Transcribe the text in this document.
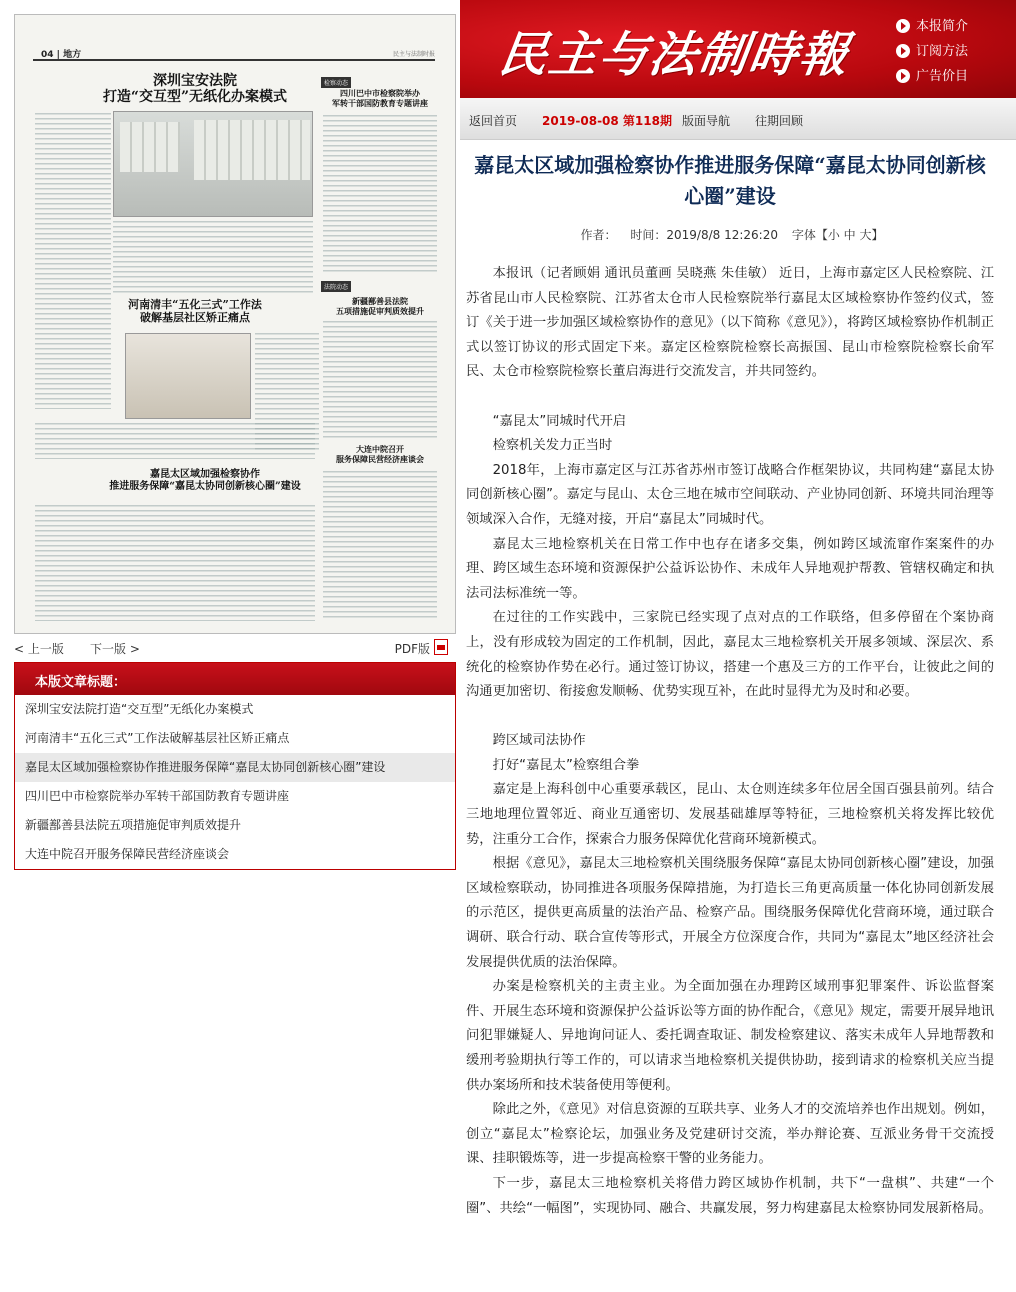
04 | 地方	民主与法制时报
深圳宝安法院
打造“交互型”无纸化办案模式
河南清丰“五化三式”工作法
破解基层社区矫正痛点
嘉昆太区域加强检察协作
推进服务保障“嘉昆太协同创新核心圈”建设
检察动态
四川巴中市检察院举办
军转干部国防教育专题讲座
法院动态
新疆鄯善县法院
五项措施促审判质效提升
大连中院召开
服务保障民营经济座谈会
< 上一版 下一版 >	PDF版
本版文章标题：
深圳宝安法院打造“交互型”无纸化办案模式
河南清丰“五化三式”工作法破解基层社区矫正痛点
嘉昆太区域加强检察协作推进服务保障“嘉昆太协同创新核心圈”建设
四川巴中市检察院举办军转干部国防教育专题讲座
新疆鄯善县法院五项措施促审判质效提升
大连中院召开服务保障民营经济座谈会
民主与法制時報
本报简介
订阅方法
广告价目
返回首页 2019-08-08 第118期 版面导航 往期回顾
嘉昆太区域加强检察协作推进服务保障“嘉昆太协同创新核心圈”建设
作者： 时间：2019/8/8 12:26:20 字体【小 中 大】

本报讯（记者顾娟 通讯员董画 吴晓燕 朱佳敏） 近日，上海市嘉定区人民检察院、江苏省昆山市人民检察院、江苏省太仓市人民检察院举行嘉昆太区域检察协作签约仪式，签订《关于进一步加强区域检察协作的意见》（以下简称《意见》），将跨区域检察协作机制正式以签订协议的形式固定下来。嘉定区检察院检察长高振国、昆山市检察院检察长俞军民、太仓市检察院检察长董启海进行交流发言，并共同签约。

“嘉昆太”同城时代开启

检察机关发力正当时

2018年，上海市嘉定区与江苏省苏州市签订战略合作框架协议，共同构建“嘉昆太协同创新核心圈”。嘉定与昆山、太仓三地在城市空间联动、产业协同创新、环境共同治理等领域深入合作，无缝对接，开启“嘉昆太”同城时代。

嘉昆太三地检察机关在日常工作中也存在诸多交集，例如跨区域流窜作案案件的办理、跨区域生态环境和资源保护公益诉讼协作、未成年人异地观护帮教、管辖权确定和执法司法标准统一等。

在过往的工作实践中，三家院已经实现了点对点的工作联络，但多停留在个案协商上，没有形成较为固定的工作机制，因此，嘉昆太三地检察机关开展多领域、深层次、系统化的检察协作势在必行。通过签订协议，搭建一个惠及三方的工作平台，让彼此之间的沟通更加密切、衔接愈发顺畅、优势实现互补，在此时显得尤为及时和必要。

跨区域司法协作

打好“嘉昆太”检察组合拳

嘉定是上海科创中心重要承载区，昆山、太仓则连续多年位居全国百强县前列。结合三地地理位置邻近、商业互通密切、发展基础雄厚等特征，三地检察机关将发挥比较优势，注重分工合作，探索合力服务保障优化营商环境新模式。

根据《意见》，嘉昆太三地检察机关围绕服务保障“嘉昆太协同创新核心圈”建设，加强区域检察联动，协同推进各项服务保障措施，为打造长三角更高质量一体化协同创新发展的示范区，提供更高质量的法治产品、检察产品。围绕服务保障优化营商环境，通过联合调研、联合行动、联合宣传等形式，开展全方位深度合作，共同为“嘉昆太”地区经济社会发展提供优质的法治保障。

办案是检察机关的主责主业。为全面加强在办理跨区域刑事犯罪案件、诉讼监督案件、开展生态环境和资源保护公益诉讼等方面的协作配合，《意见》规定，需要开展异地讯问犯罪嫌疑人、异地询问证人、委托调查取证、制发检察建议、落实未成年人异地帮教和缓刑考验期执行等工作的，可以请求当地检察机关提供协助，接到请求的检察机关应当提供办案场所和技术装备使用等便利。

除此之外，《意见》对信息资源的互联共享、业务人才的交流培养也作出规划。例如，创立“嘉昆太”检察论坛，加强业务及党建研讨交流，举办辩论赛、互派业务骨干交流授课、挂职锻炼等，进一步提高检察干警的业务能力。

下一步，嘉昆太三地检察机关将借力跨区域协作机制，共下“一盘棋”、共建“一个圈”、共绘“一幅图”，实现协同、融合、共赢发展，努力构建嘉昆太检察协同发展新格局。
